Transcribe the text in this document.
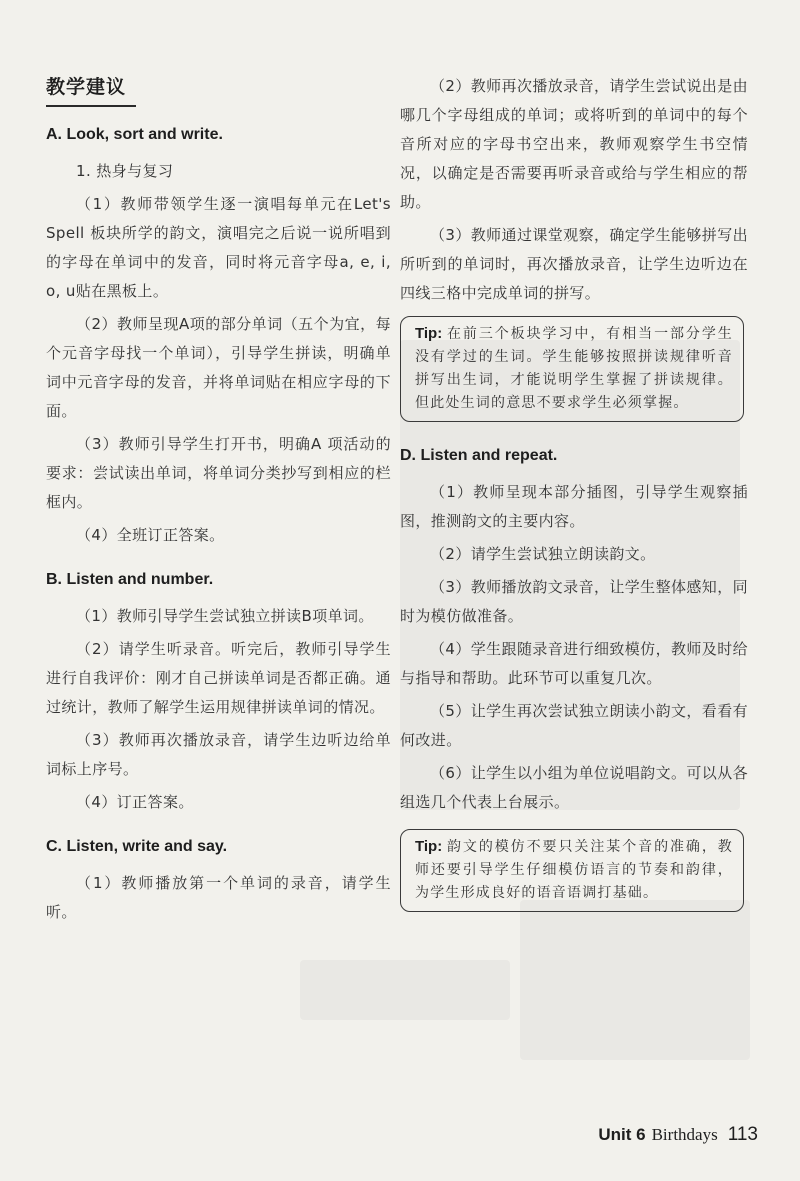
教学建议
A. Look, sort and write.
1. 热身与复习
（1）教师带领学生逐一演唱每单元在Let's Spell 板块所学的韵文，演唱完之后说一说所唱到的字母在单词中的发音，同时将元音字母a, e, i, o, u贴在黑板上。
（2）教师呈现A项的部分单词（五个为宜，每个元音字母找一个单词），引导学生拼读，明确单词中元音字母的发音，并将单词贴在相应字母的下面。
（3）教师引导学生打开书，明确A 项活动的要求：尝试读出单词，将单词分类抄写到相应的栏框内。
（4）全班订正答案。
B. Listen and number.
（1）教师引导学生尝试独立拼读B项单词。
（2）请学生听录音。听完后，教师引导学生进行自我评价：刚才自己拼读单词是否都正确。通过统计，教师了解学生运用规律拼读单词的情况。
（3）教师再次播放录音，请学生边听边给单词标上序号。
（4）订正答案。
C. Listen, write and say.
（1）教师播放第一个单词的录音，请学生听。
（2）教师再次播放录音，请学生尝试说出是由哪几个字母组成的单词；或将听到的单词中的每个音所对应的字母书空出来，教师观察学生书空情况，以确定是否需要再听录音或给与学生相应的帮助。
（3）教师通过课堂观察，确定学生能够拼写出所听到的单词时，再次播放录音，让学生边听边在四线三格中完成单词的拼写。
Tip: 在前三个板块学习中，有相当一部分学生没有学过的生词。学生能够按照拼读规律听音拼写出生词，才能说明学生掌握了拼读规律。但此处生词的意思不要求学生必须掌握。
D. Listen and repeat.
（1）教师呈现本部分插图，引导学生观察插图，推测韵文的主要内容。
（2）请学生尝试独立朗读韵文。
（3）教师播放韵文录音，让学生整体感知，同时为模仿做准备。
（4）学生跟随录音进行细致模仿，教师及时给与指导和帮助。此环节可以重复几次。
（5）让学生再次尝试独立朗读小韵文，看看有何改进。
（6）让学生以小组为单位说唱韵文。可以从各组选几个代表上台展示。
Tip: 韵文的模仿不要只关注某个音的准确，教师还要引导学生仔细模仿语言的节奏和韵律，为学生形成良好的语音语调打基础。
Unit 6 Birthdays 113
